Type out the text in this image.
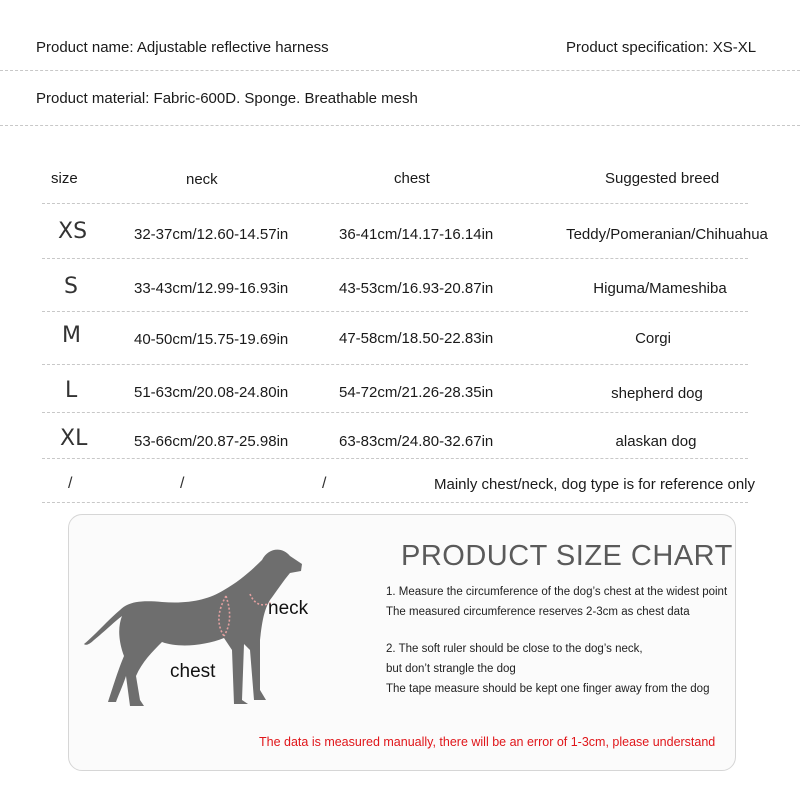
Product name: Adjustable reflective harness	Product specification: XS-XL
Product material: Fabric-600D. Sponge. Breathable mesh
size	neck	chest	Suggested breed
XS	32-37cm/12.60-14.57in	36-41cm/14.17-16.14in	Teddy/Pomeranian/Chihuahua
S	33-43cm/12.99-16.93in	43-53cm/16.93-20.87in	Higuma/Mameshiba
M	40-50cm/15.75-19.69in	47-58cm/18.50-22.83in	Corgi
L	51-63cm/20.08-24.80in	54-72cm/21.26-28.35in	shepherd dog
XL	53-66cm/20.87-25.98in	63-83cm/24.80-32.67in	alaskan dog
/	/	/	Mainly chest/neck, dog type is for reference only
neck
chest
PRODUCT SIZE CHART
1. Measure the circumference of the dog’s chest at the widest point
The measured circumference reserves 2-3cm as chest data
2. The soft ruler should be close to the dog’s neck,
but don’t strangle the dog
The tape measure should be kept one finger away from the dog
The data is measured manually, there will be an error of 1-3cm, please understand
